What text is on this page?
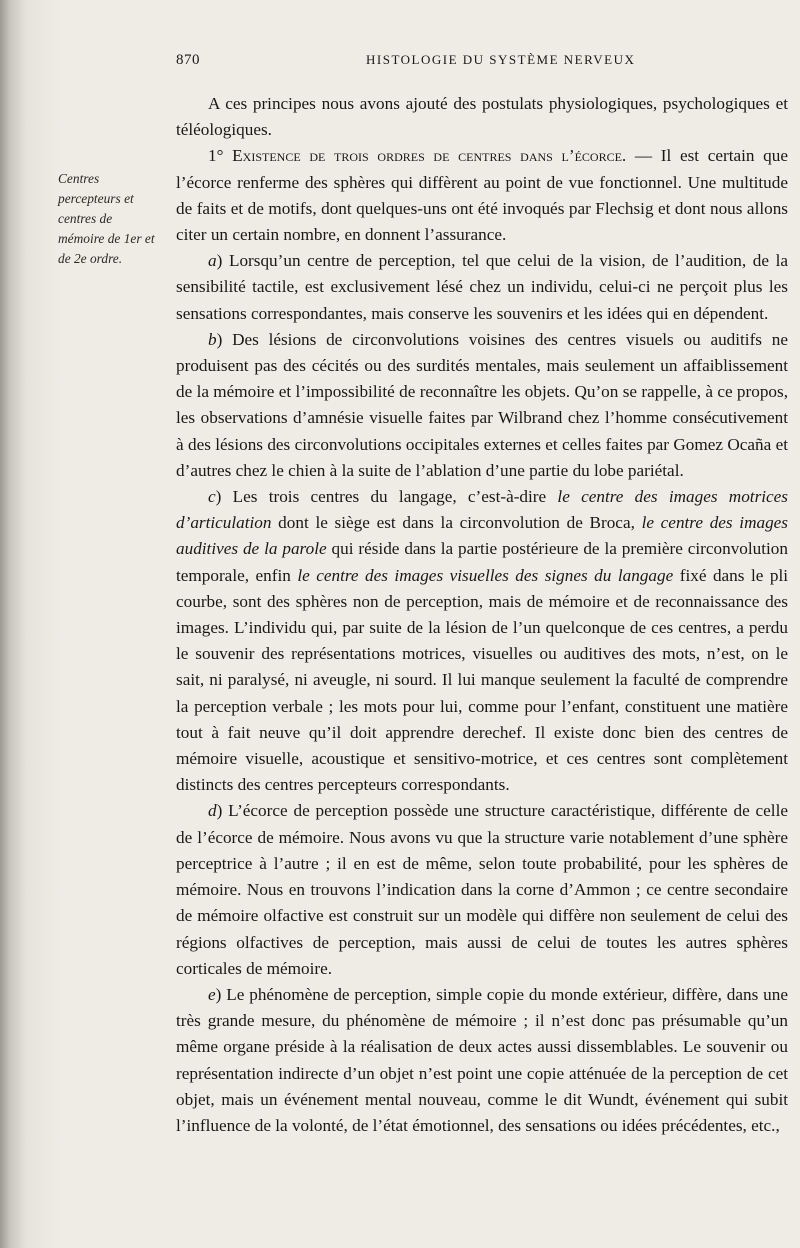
870	HISTOLOGIE DU SYSTÈME NERVEUX
Centres percepteurs et centres de mémoire de 1er et de 2e ordre.

A ces principes nous avons ajouté des postulats physiologiques, psychologiques et téléologiques.

1° Existence de trois ordres de centres dans l’écorce. — Il est certain que l’écorce renferme des sphères qui diffèrent au point de vue fonctionnel. Une multitude de faits et de motifs, dont quelques-uns ont été invoqués par Flechsig et dont nous allons citer un certain nombre, en donnent l’assurance.

a) Lorsqu’un centre de perception, tel que celui de la vision, de l’audition, de la sensibilité tactile, est exclusivement lésé chez un individu, celui-ci ne perçoit plus les sensations correspondantes, mais conserve les souvenirs et les idées qui en dépendent.

b) Des lésions de circonvolutions voisines des centres visuels ou auditifs ne produisent pas des cécités ou des surdités mentales, mais seulement un affaiblissement de la mémoire et l’impossibilité de reconnaître les objets. Qu’on se rappelle, à ce propos, les observations d’amnésie visuelle faites par Wilbrand chez l’homme consécutivement à des lésions des circonvolutions occipitales externes et celles faites par Gomez Ocaña et d’autres chez le chien à la suite de l’ablation d’une partie du lobe pariétal.

c) Les trois centres du langage, c’est-à-dire le centre des images motrices d’articulation dont le siège est dans la circonvolution de Broca, le centre des images auditives de la parole qui réside dans la partie postérieure de la première circonvolution temporale, enfin le centre des images visuelles des signes du langage fixé dans le pli courbe, sont des sphères non de perception, mais de mémoire et de reconnaissance des images. L’individu qui, par suite de la lésion de l’un quelconque de ces centres, a perdu le souvenir des représentations motrices, visuelles ou auditives des mots, n’est, on le sait, ni paralysé, ni aveugle, ni sourd. Il lui manque seulement la faculté de comprendre la perception verbale ; les mots pour lui, comme pour l’enfant, constituent une matière tout à fait neuve qu’il doit apprendre derechef. Il existe donc bien des centres de mémoire visuelle, acoustique et sensitivo-motrice, et ces centres sont complètement distincts des centres percepteurs correspondants.

d) L’écorce de perception possède une structure caractéristique, différente de celle de l’écorce de mémoire. Nous avons vu que la structure varie notablement d’une sphère perceptrice à l’autre ; il en est de même, selon toute probabilité, pour les sphères de mémoire. Nous en trouvons l’indication dans la corne d’Ammon ; ce centre secondaire de mémoire olfactive est construit sur un modèle qui diffère non seulement de celui des régions olfactives de perception, mais aussi de celui de toutes les autres sphères corticales de mémoire.

e) Le phénomène de perception, simple copie du monde extérieur, diffère, dans une très grande mesure, du phénomène de mémoire ; il n’est donc pas présumable qu’un même organe préside à la réalisation de deux actes aussi dissemblables. Le souvenir ou représentation indirecte d’un objet n’est point une copie atténuée de la perception de cet objet, mais un événement mental nouveau, comme le dit Wundt, événement qui subit l’influence de la volonté, de l’état émotionnel, des sensations ou idées précédentes, etc.,
